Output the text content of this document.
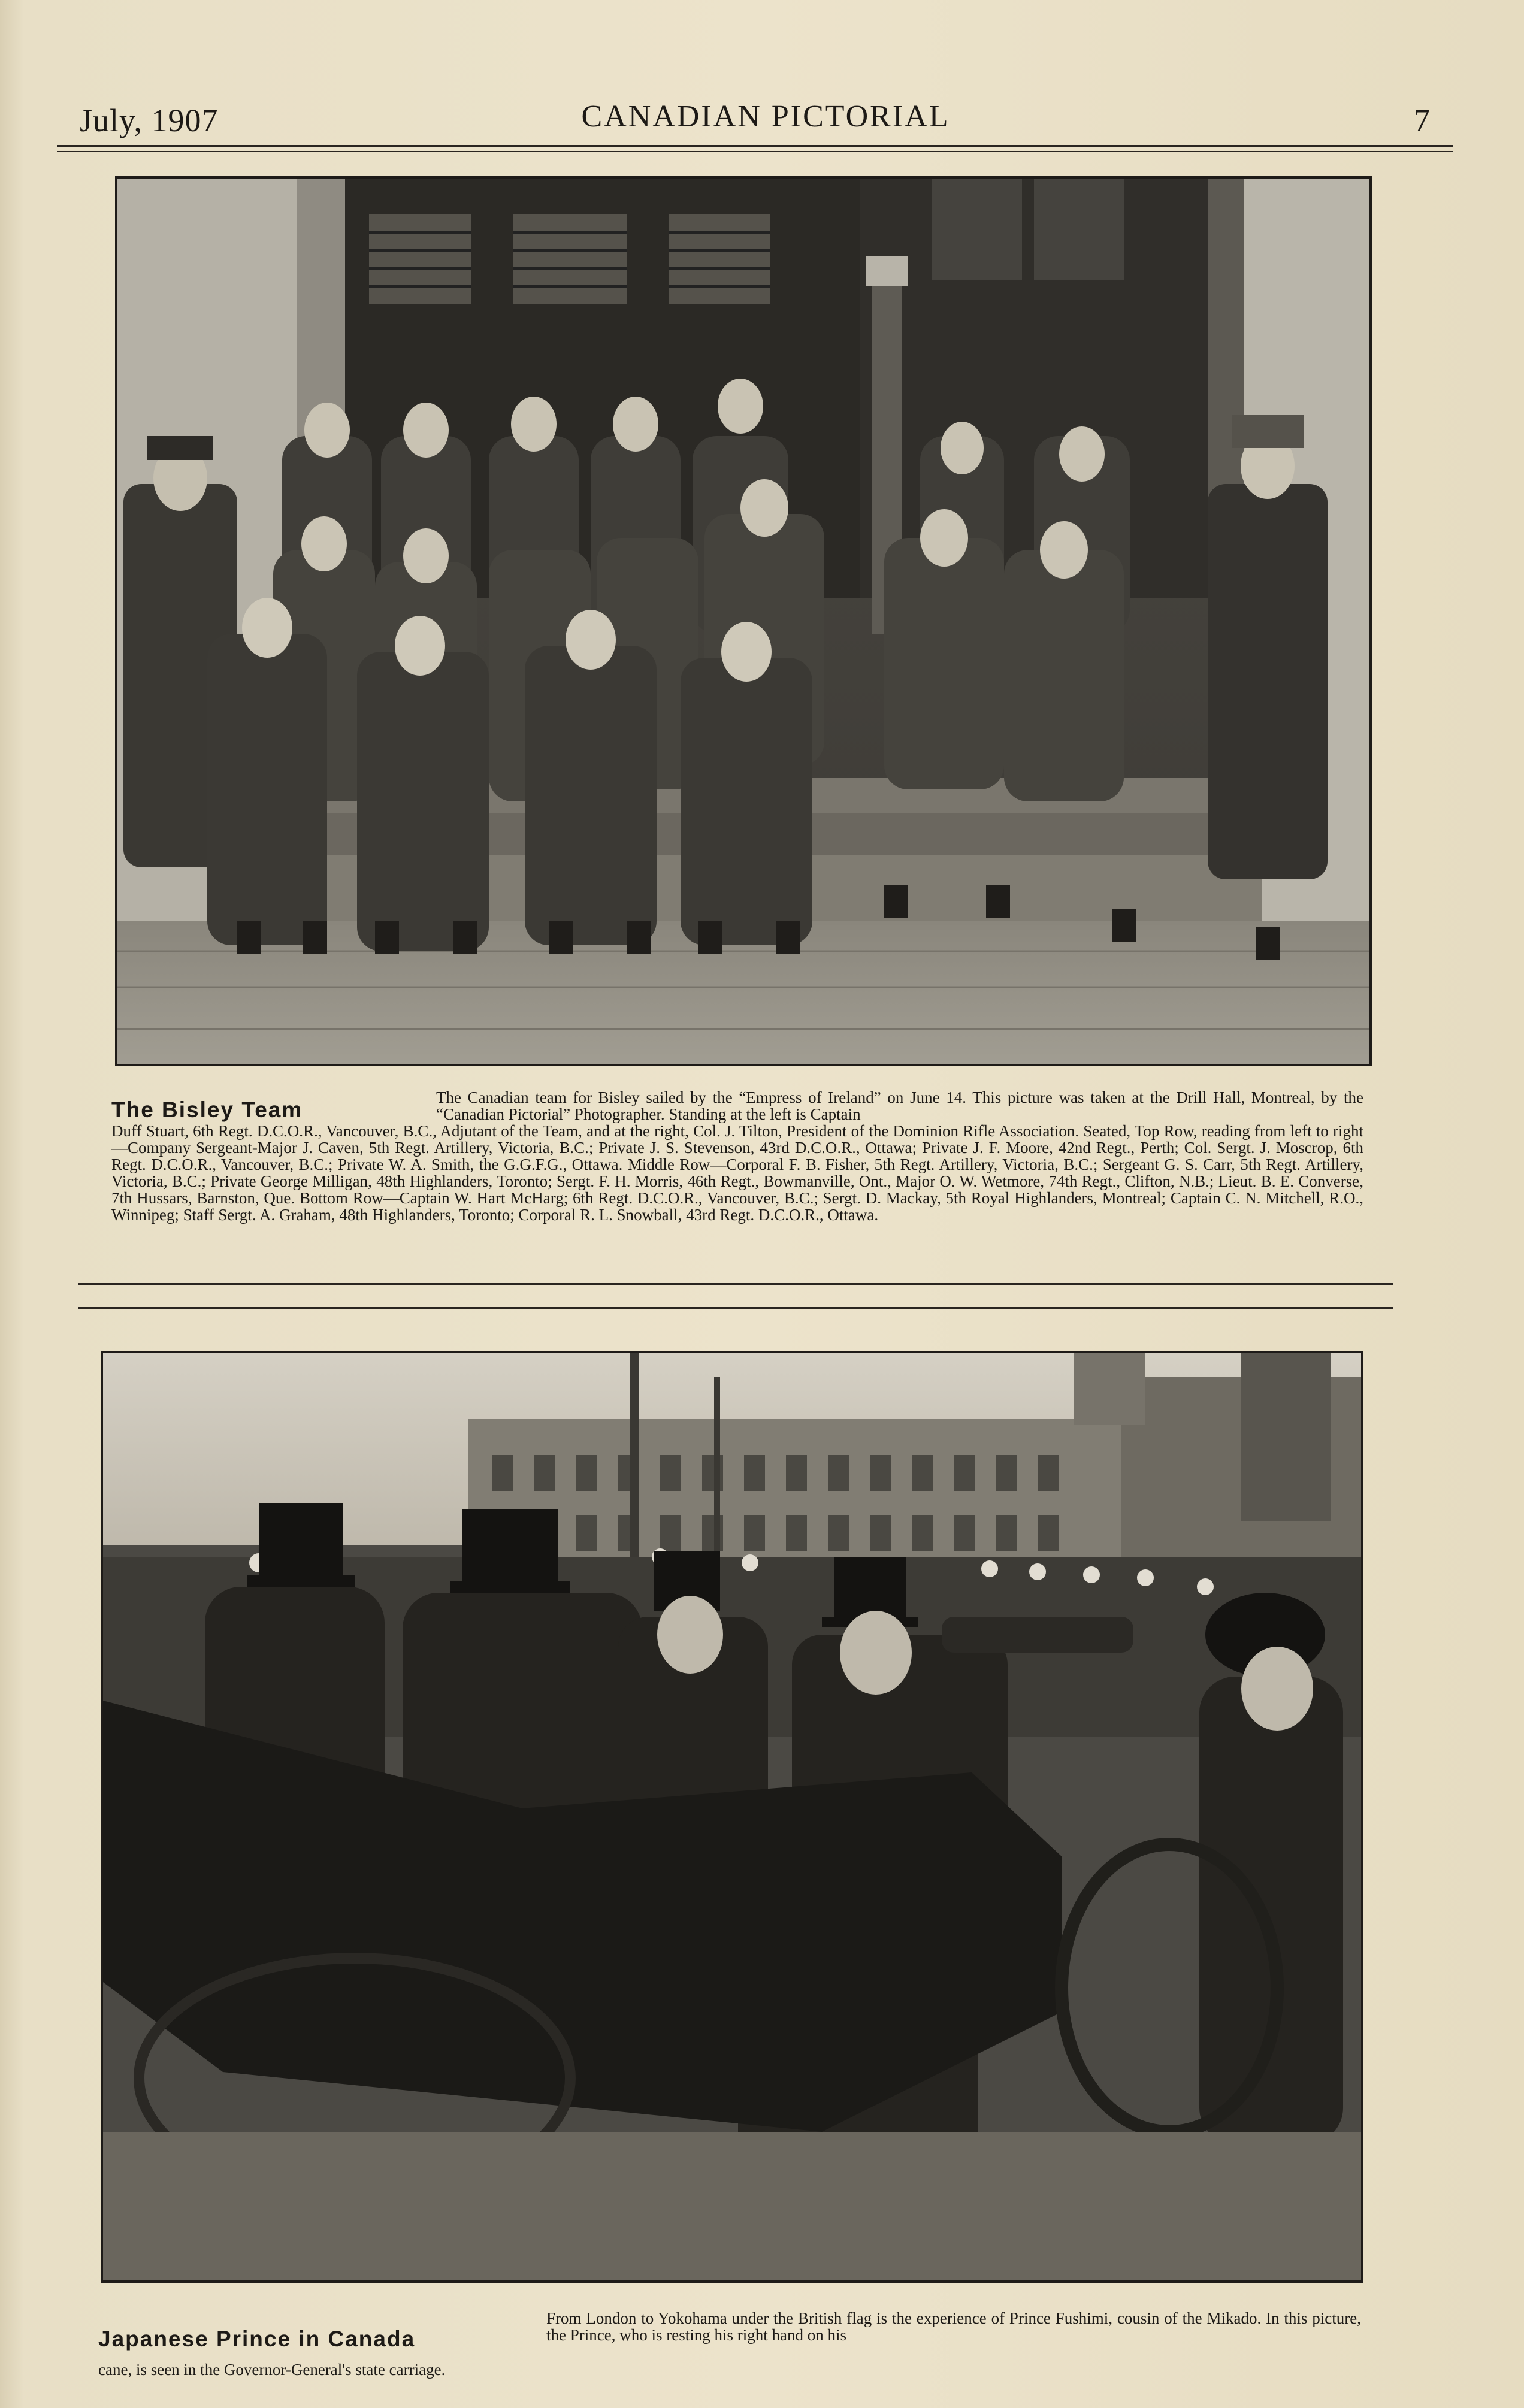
July, 1907	CANADIAN PICTORIAL	7
The Bisley Team	The Canadian team for Bisley sailed by the “Empress of Ireland” on June 14. This picture was taken at the Drill Hall, Montreal, by the “Canadian Pictorial” Photographer. Standing at the left is Captain

Duff Stuart, 6th Regt. D.C.O.R., Vancouver, B.C., Adjutant of the Team, and at the right, Col. J. Tilton, President of the Dominion Rifle Association. Seated, Top Row, reading from left to right—Company Sergeant-Major J. Caven, 5th Regt. Artillery, Victoria, B.C.; Private J. S. Stevenson, 43rd D.C.O.R., Ottawa; Private J. F. Moore, 42nd Regt., Perth; Col. Sergt. J. Moscrop, 6th Regt. D.C.O.R., Vancouver, B.C.; Private W. A. Smith, the G.G.F.G., Ottawa. Middle Row—Corporal F. B. Fisher, 5th Regt. Artillery, Victoria, B.C.; Sergeant G. S. Carr, 5th Regt. Artillery, Victoria, B.C.; Private George Milligan, 48th Highlanders, Toronto; Sergt. F. H. Morris, 46th Regt., Bowmanville, Ont., Major O. W. Wetmore, 74th Regt., Clifton, N.B.; Lieut. B. E. Converse, 7th Hussars, Barnston, Que. Bottom Row—Captain W. Hart McHarg; 6th Regt. D.C.O.R., Vancouver, B.C.; Sergt. D. Mackay, 5th Royal Highlanders, Montreal; Captain C. N. Mitchell, R.O., Winnipeg; Staff Sergt. A. Graham, 48th Highlanders, Toronto; Corporal R. L. Snowball, 43rd Regt. D.C.O.R., Ottawa.

Japanese Prince in Canada

From London to Yokohama under the British flag is the experience of Prince Fushimi, cousin of the Mikado. In this picture, the Prince, who is resting his right hand on his

cane, is seen in the Governor-General's state carriage.
